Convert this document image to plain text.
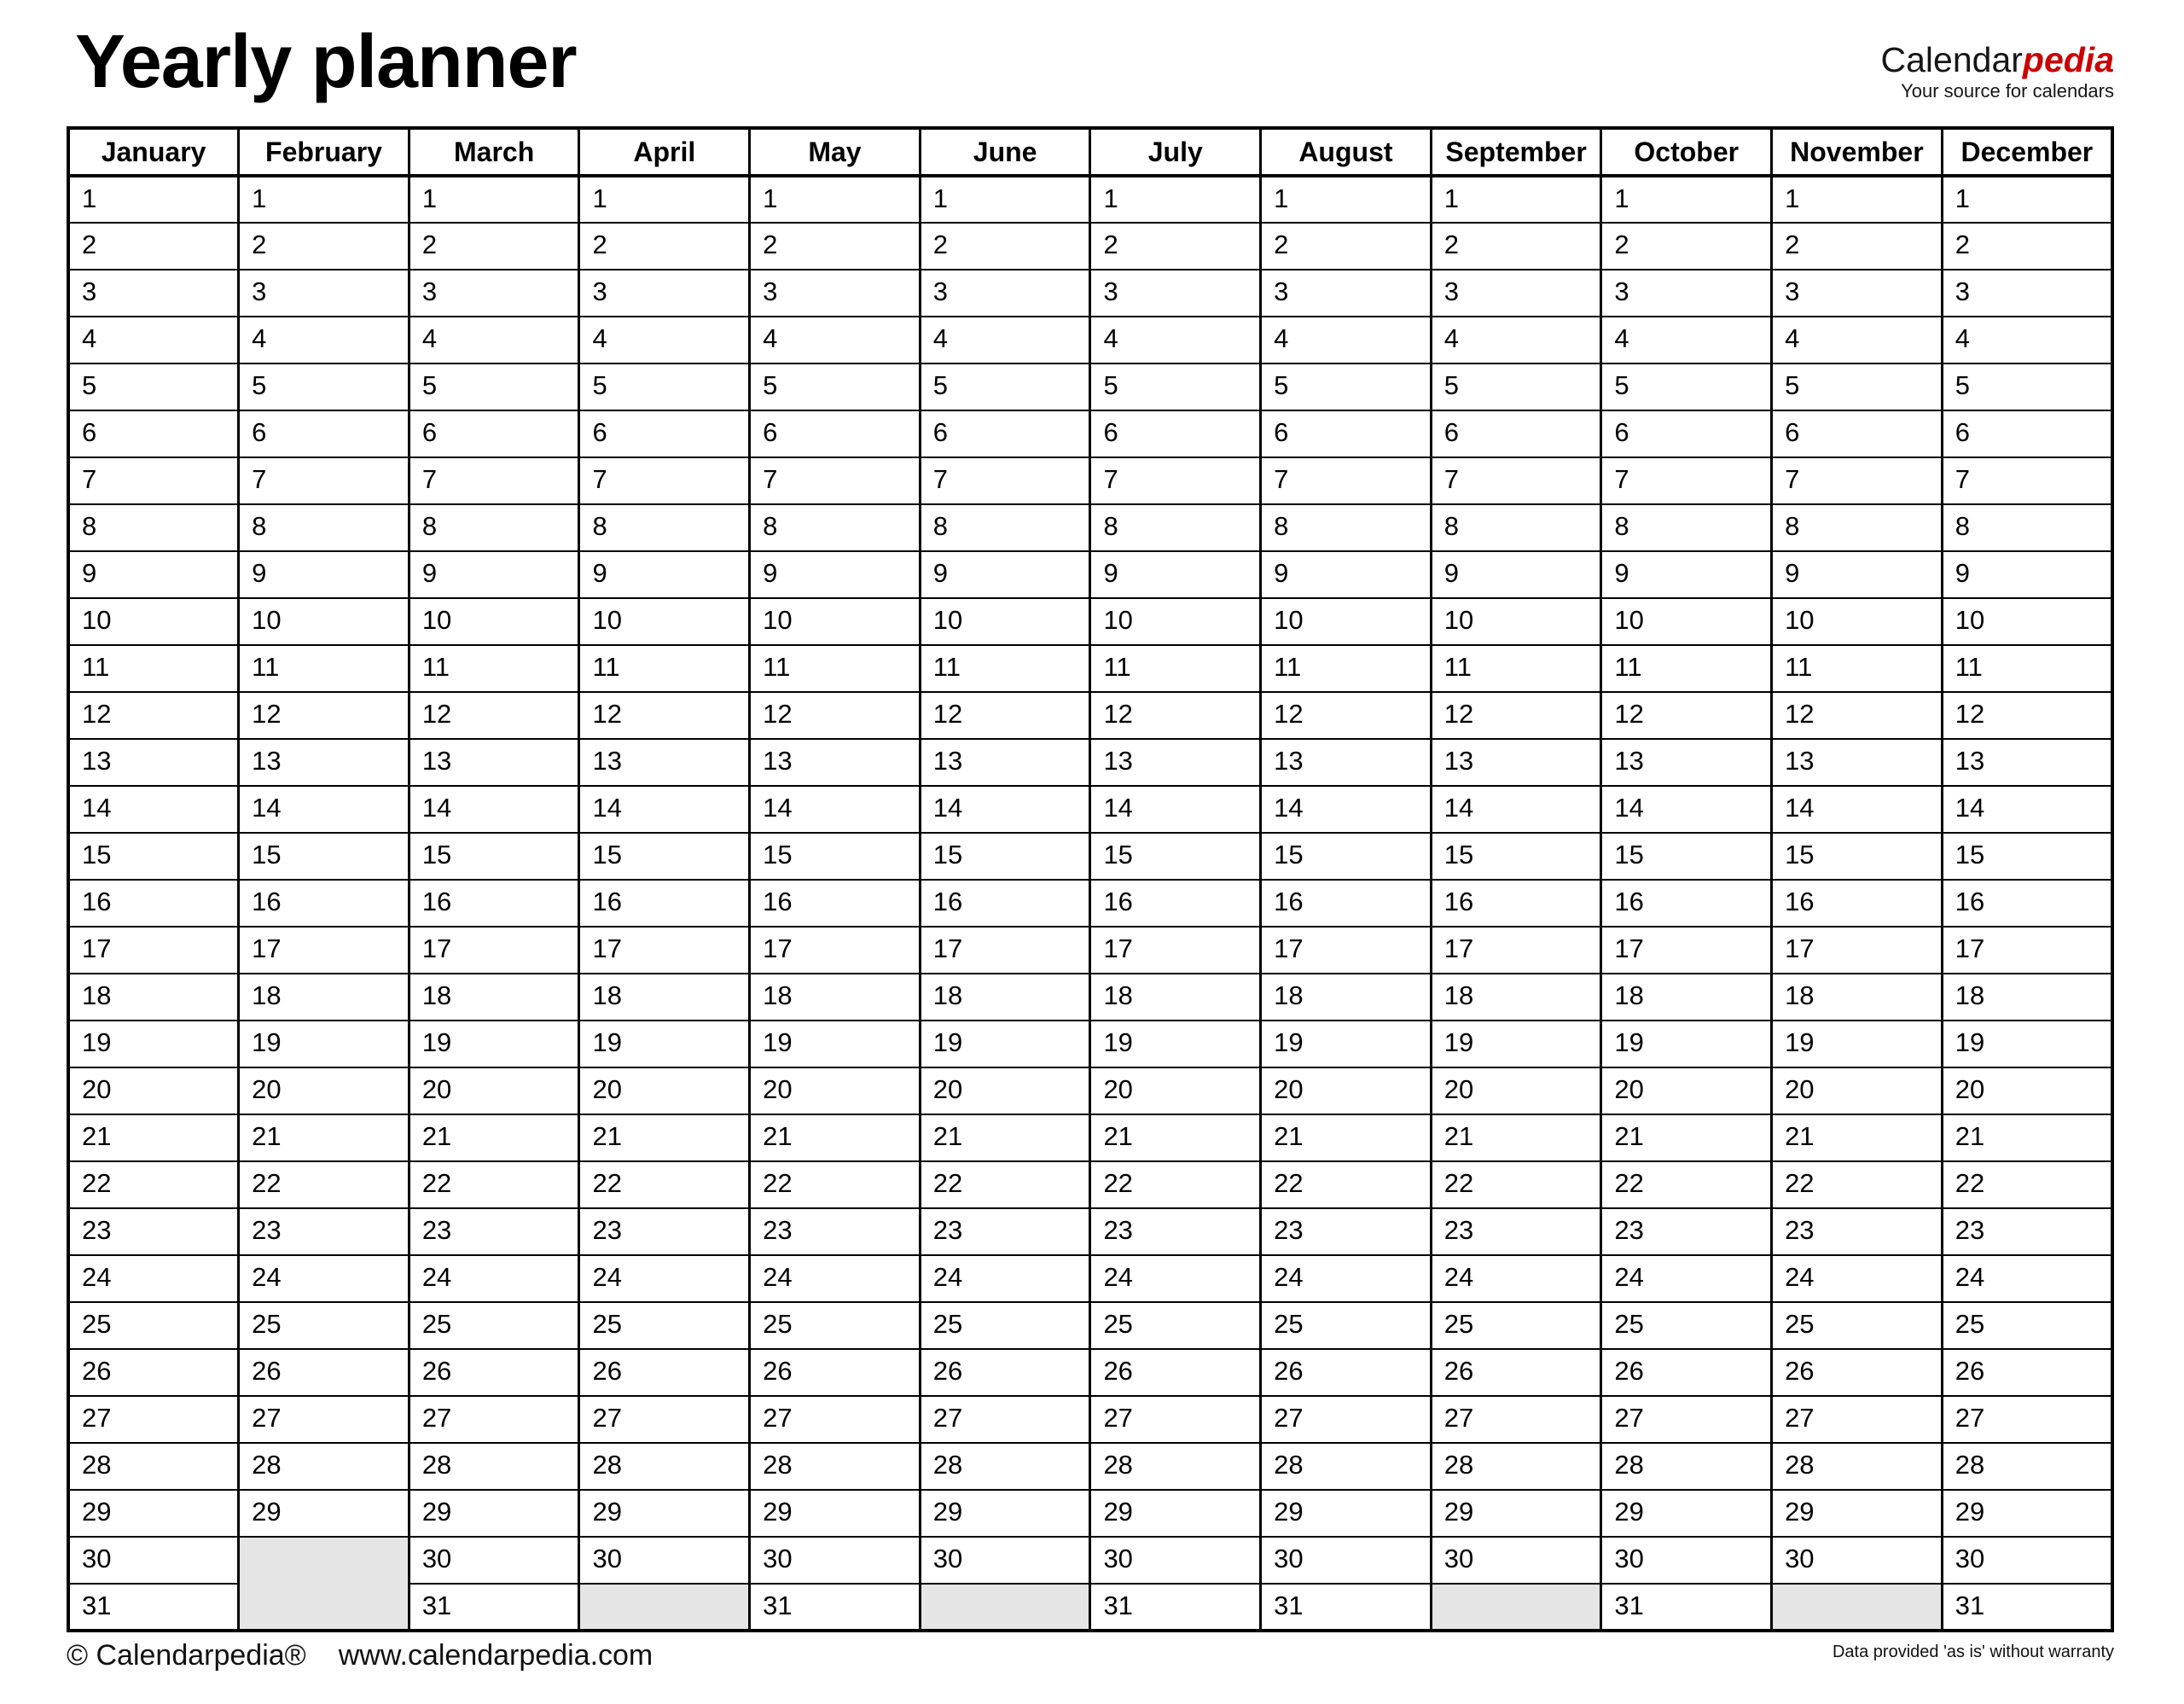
Yearly planner	Calendarpedia
Your source for calendars
January	February	March	April	May	June	July	August	September	October	November	December
1	1	1	1	1	1	1	1	1	1	1	1
2	2	2	2	2	2	2	2	2	2	2	2
3	3	3	3	3	3	3	3	3	3	3	3
4	4	4	4	4	4	4	4	4	4	4	4
5	5	5	5	5	5	5	5	5	5	5	5
6	6	6	6	6	6	6	6	6	6	6	6
7	7	7	7	7	7	7	7	7	7	7	7
8	8	8	8	8	8	8	8	8	8	8	8
9	9	9	9	9	9	9	9	9	9	9	9
10	10	10	10	10	10	10	10	10	10	10	10
11	11	11	11	11	11	11	11	11	11	11	11
12	12	12	12	12	12	12	12	12	12	12	12
13	13	13	13	13	13	13	13	13	13	13	13
14	14	14	14	14	14	14	14	14	14	14	14
15	15	15	15	15	15	15	15	15	15	15	15
16	16	16	16	16	16	16	16	16	16	16	16
17	17	17	17	17	17	17	17	17	17	17	17
18	18	18	18	18	18	18	18	18	18	18	18
19	19	19	19	19	19	19	19	19	19	19	19
20	20	20	20	20	20	20	20	20	20	20	20
21	21	21	21	21	21	21	21	21	21	21	21
22	22	22	22	22	22	22	22	22	22	22	22
23	23	23	23	23	23	23	23	23	23	23	23
24	24	24	24	24	24	24	24	24	24	24	24
25	25	25	25	25	25	25	25	25	25	25	25
26	26	26	26	26	26	26	26	26	26	26	26
27	27	27	27	27	27	27	27	27	27	27	27
28	28	28	28	28	28	28	28	28	28	28	28
29	29	29	29	29	29	29	29	29	29	29	29
30		30	30	30	30	30	30	30	30	30	30
31		31		31		31	31		31		31
© Calendarpedia® www.calendarpedia.com	Data provided 'as is' without warranty
